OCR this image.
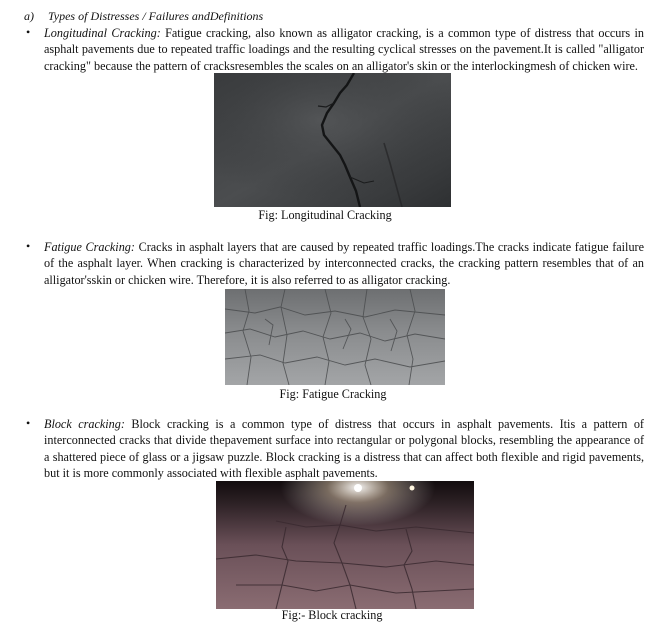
a) Types of Distresses / Failures andDefinitions
• Longitudinal Cracking: Fatigue cracking, also known as alligator cracking, is a common type of distress that occurs in asphalt pavements due to repeated traffic loadings and the resulting cyclical stresses on the pavement.It is called "alligator cracking" because the pattern of cracksresembles the scales on an alligator's skin or the interlockingmesh of chicken wire.

Fig: Longitudinal Cracking
• Fatigue Cracking: Cracks in asphalt layers that are caused by repeated traffic loadings.The cracks indicate fatigue failure of the asphalt layer. When cracking is characterized by interconnected cracks, the cracking pattern resembles that of an alligator'sskin or chicken wire. Therefore, it is also referred to as alligator cracking.

Fig: Fatigue Cracking
• Block cracking: Block cracking is a common type of distress that occurs in asphalt pavements. Itis a pattern of interconnected cracks that divide thepavement surface into rectangular or polygonal blocks, resembling the appearance of a shattered piece of glass or a jigsaw puzzle. Block cracking is a distress that can affect both flexible and rigid pavements, but it is more commonly associated with flexible asphalt pavements.

Fig:- Block cracking
